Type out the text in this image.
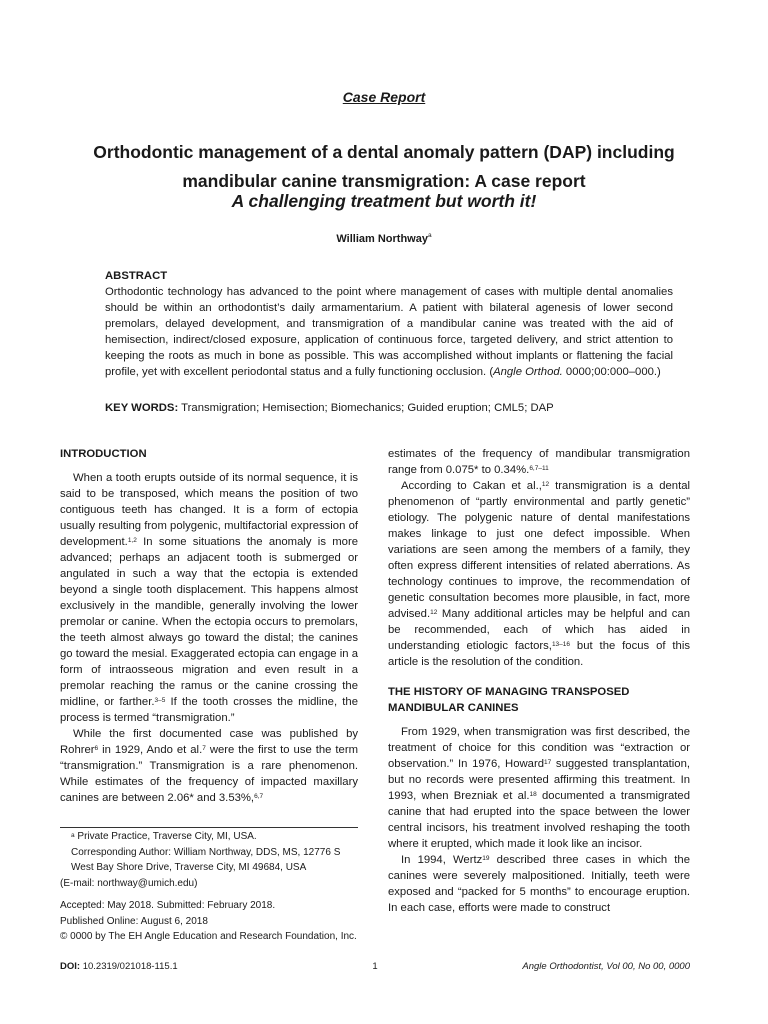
Case Report
Orthodontic management of a dental anomaly pattern (DAP) including
mandibular canine transmigration: A case report
A challenging treatment but worth it!
William Northway$^a$
ABSTRACT

Orthodontic technology has advanced to the point where management of cases with multiple dental anomalies should be within an orthodontist’s daily armamentarium. A patient with bilateral agenesis of lower second premolars, delayed development, and transmigration of a mandibular canine was treated with the aid of hemisection, indirect/closed exposure, application of continuous force, targeted delivery, and strict attention to keeping the roots as much in bone as possible. This was accomplished without implants or flattening the facial profile, yet with excellent periodontal status and a fully functioning occlusion. (Angle Orthod. 0000;00:000–000.)

KEY WORDS: Transmigration; Hemisection; Biomechanics; Guided eruption; CML5; DAP
INTRODUCTION

When a tooth erupts outside of its normal sequence, it is said to be transposed, which means the position of two contiguous teeth has changed. It is a form of ectopia usually resulting from polygenic, multifactorial expression of development.$^{1,2}$ In some situations the anomaly is more advanced; perhaps an adjacent tooth is submerged or angulated in such a way that the ectopia is extended beyond a single tooth displacement. This happens almost exclusively in the mandible, generally involving the lower premolar or canine. When the ectopia occurs to premolars, the teeth almost always go toward the distal; the canines go toward the mesial. Exaggerated ectopia can engage in a form of intraosseous migration and even result in a premolar reaching the ramus or the canine crossing the midline, or farther.$^{3-5}$ If the tooth crosses the midline, the process is termed “transmigration.”

While the first documented case was published by Rohrer$^6$ in 1929, Ando et al.$^7$ were the first to use the term “transmigration.” Transmigration is a rare phenomenon. While estimates of the frequency of impacted maxillary canines are between 2.06* and 3.53%,$^{6,7}$

estimates of the frequency of mandibular transmigration range from 0.075* to 0.34%.$^{6,7-11}$

According to Cakan et al.,$^{12}$ transmigration is a dental phenomenon of “partly environmental and partly genetic” etiology. The polygenic nature of dental manifestations makes linkage to just one defect impossible. When variations are seen among the members of a family, they often express different intensities of related aberrations. As technology continues to improve, the recommendation of genetic consultation becomes more plausible, in fact, more advised.$^{12}$ Many additional articles may be helpful and can be recommended, each of which has aided in understanding etiologic factors,$^{13-16}$ but the focus of this article is the resolution of the condition.

THE HISTORY OF MANAGING TRANSPOSED MANDIBULAR CANINES

From 1929, when transmigration was first described, the treatment of choice for this condition was “extraction or observation.” In 1976, Howard$^{17}$ suggested transplantation, but no records were presented affirming this treatment. In 1993, when Brezniak et al.$^{18}$ documented a transmigrated canine that had erupted into the space between the lower central incisors, his treatment involved reshaping the tooth where it erupted, which made it look like an incisor.

In 1994, Wertz$^{19}$ described three cases in which the canines were severely malpositioned. Initially, teeth were exposed and “packed for 5 months” to encourage eruption. In each case, efforts were made to construct

$^a$ Private Practice, Traverse City, MI, USA.

Corresponding Author: William Northway, DDS, MS, 12776 S West Bay Shore Drive, Traverse City, MI 49684, USA

(E-mail: northway@umich.edu)

Accepted: May 2018. Submitted: February 2018.

Published Online: August 6, 2018

© 0000 by The EH Angle Education and Research Foundation, Inc.

DOI: 10.2319/021018-115.1	1	Angle Orthodontist, Vol 00, No 00, 0000
